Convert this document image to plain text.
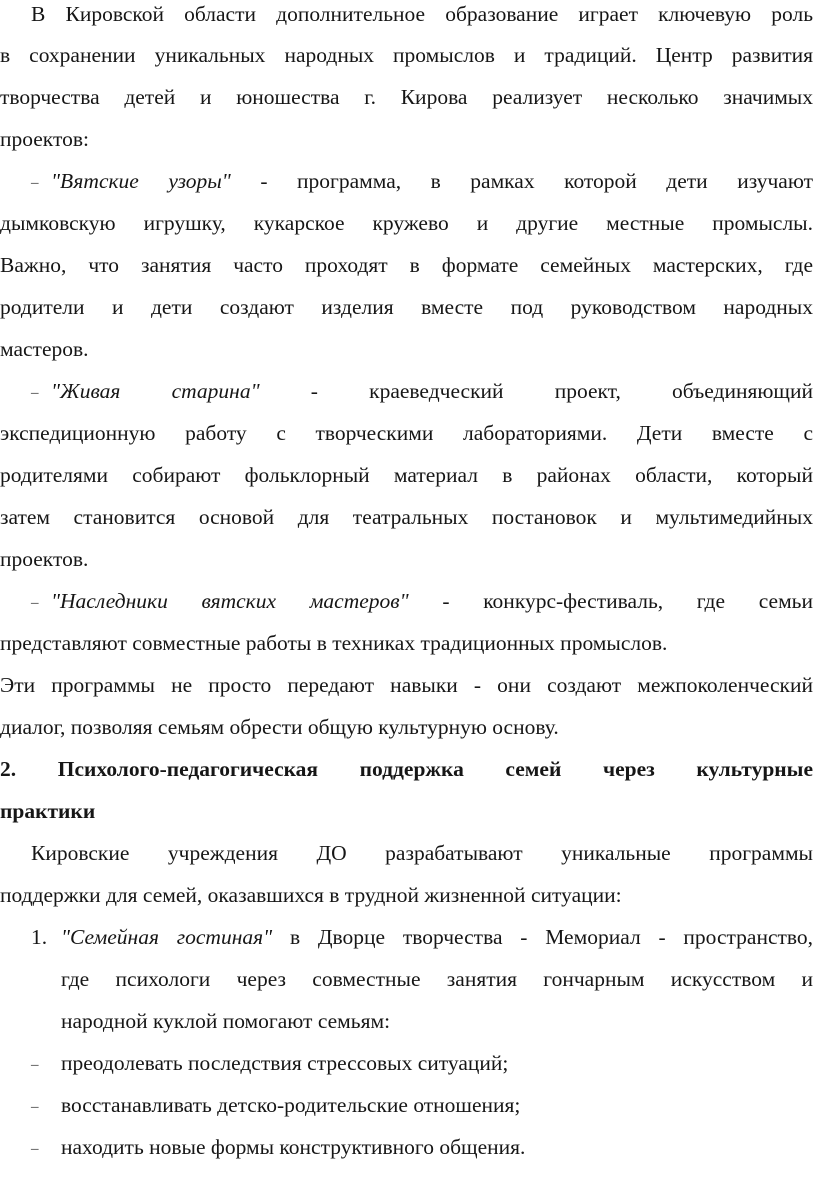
В Кировской области дополнительное образование играет ключевую роль
в сохранении уникальных народных промыслов и традиций. Центр развития
творчества детей и юношества г. Кирова реализует несколько значимых
проектов:
– "Вятские узоры" - программа, в рамках которой дети изучают
дымковскую игрушку, кукарское кружево и другие местные промыслы.
Важно, что занятия часто проходят в формате семейных мастерских, где
родители и дети создают изделия вместе под руководством народных
мастеров.
– "Живая старина" - краеведческий проект, объединяющий
экспедиционную работу с творческими лабораториями. Дети вместе с
родителями собирают фольклорный материал в районах области, который
затем становится основой для театральных постановок и мультимедийных
проектов.
– "Наследники вятских мастеров" - конкурс-фестиваль, где семьи
представляют совместные работы в техниках традиционных промыслов.
Эти программы не просто передают навыки - они создают межпоколенческий
диалог, позволяя семьям обрести общую культурную основу.
2. Психолого-педагогическая поддержка семей через культурные
практики
Кировские учреждения ДО разрабатывают уникальные программы
поддержки для семей, оказавшихся в трудной жизненной ситуации:
1. "Семейная гостиная" в Дворце творчества - Мемориал - пространство,
где психологи через совместные занятия гончарным искусством и
народной куклой помогают семьям:
– преодолевать последствия стрессовых ситуаций;
– восстанавливать детско-родительские отношения;
– находить новые формы конструктивного общения.
